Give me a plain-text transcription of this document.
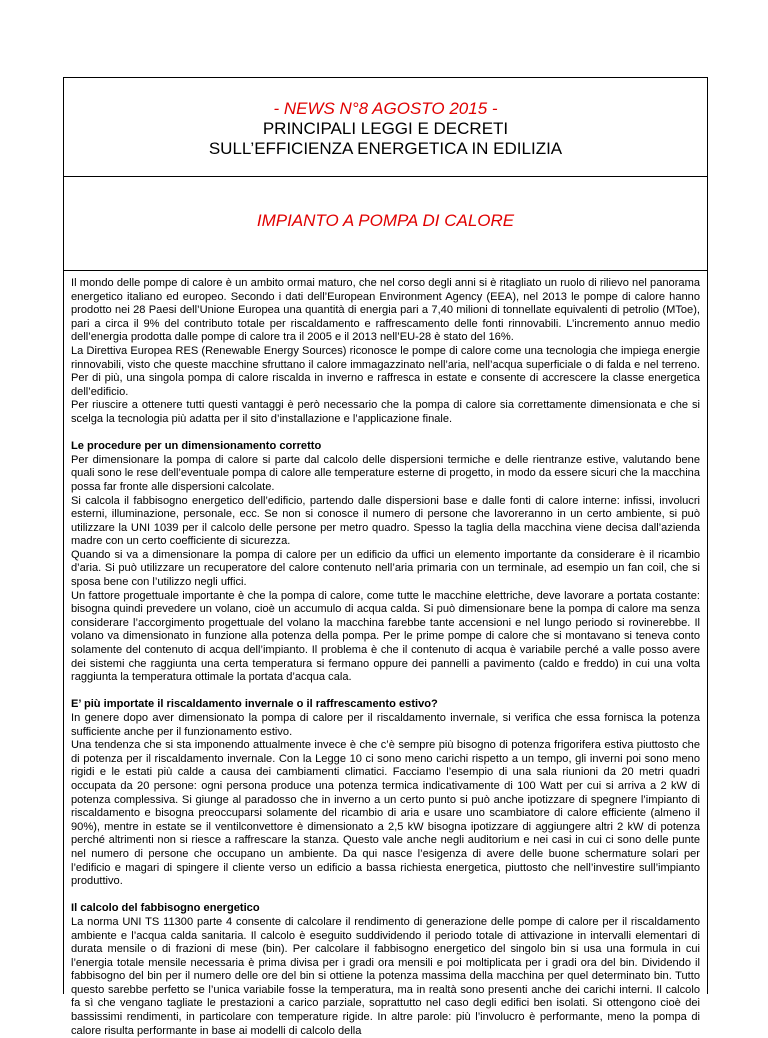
- NEWS N°8 AGOSTO 2015 -
PRINCIPALI LEGGI E DECRETI
SULL’EFFICIENZA ENERGETICA IN EDILIZIA
IMPIANTO A POMPA DI CALORE

Il mondo delle pompe di calore è un ambito ormai maturo, che nel corso degli anni si è ritagliato un ruolo di rilievo nel panorama energetico italiano ed europeo. Secondo i dati dell’European Environment Agency (EEA), nel 2013 le pompe di calore hanno prodotto nei 28 Paesi dell’Unione Europea una quantità di energia pari a 7,40 milioni di tonnellate equivalenti di petrolio (MToe), pari a circa il 9% del contributo totale per riscaldamento e raffrescamento delle fonti rinnovabili. L’incremento annuo medio dell’energia prodotta dalle pompe di calore tra il 2005 e il 2013 nell’EU-28 è stato del 16%.

La Direttiva Europea RES (Renewable Energy Sources) riconosce le pompe di calore come una tecnologia che impiega energie rinnovabili, visto che queste macchine sfruttano il calore immagazzinato nell’aria, nell’acqua superficiale o di falda e nel terreno. Per di più, una singola pompa di calore riscalda in inverno e raffresca in estate e consente di accrescere la classe energetica dell’edificio.

Per riuscire a ottenere tutti questi vantaggi è però necessario che la pompa di calore sia correttamente dimensionata e che si scelga la tecnologia più adatta per il sito d’installazione e l’applicazione finale.

Le procedure per un dimensionamento corretto

Per dimensionare la pompa di calore si parte dal calcolo delle dispersioni termiche e delle rientranze estive, valutando bene quali sono le rese dell’eventuale pompa di calore alle temperature esterne di progetto, in modo da essere sicuri che la macchina possa far fronte alle dispersioni calcolate.

Si calcola il fabbisogno energetico dell’edificio, partendo dalle dispersioni base e dalle fonti di calore interne: infissi, involucri esterni, illuminazione, personale, ecc. Se non si conosce il numero di persone che lavoreranno in un certo ambiente, si può utilizzare la UNI 1039 per il calcolo delle persone per metro quadro. Spesso la taglia della macchina viene decisa dall’azienda madre con un certo coefficiente di sicurezza.

Quando si va a dimensionare la pompa di calore per un edificio da uffici un elemento importante da considerare è il ricambio d’aria. Si può utilizzare un recuperatore del calore contenuto nell’aria primaria con un terminale, ad esempio un fan coil, che si sposa bene con l’utilizzo negli uffici.

Un fattore progettuale importante è che la pompa di calore, come tutte le macchine elettriche, deve lavorare a portata costante: bisogna quindi prevedere un volano, cioè un accumulo di acqua calda. Si può dimensionare bene la pompa di calore ma senza considerare l’accorgimento progettuale del volano la macchina farebbe tante accensioni e nel lungo periodo si rovinerebbe. Il volano va dimensionato in funzione alla potenza della pompa. Per le prime pompe di calore che si montavano si teneva conto solamente del contenuto di acqua dell’impianto. Il problema è che il contenuto di acqua è variabile perché a valle posso avere dei sistemi che raggiunta una certa temperatura si fermano oppure dei pannelli a pavimento (caldo e freddo) in cui una volta raggiunta la temperatura ottimale la portata d’acqua cala.

E’ più importate il riscaldamento invernale o il raffrescamento estivo?

In genere dopo aver dimensionato la pompa di calore per il riscaldamento invernale, si verifica che essa fornisca la potenza sufficiente anche per il funzionamento estivo.

Una tendenza che si sta imponendo attualmente invece è che c’è sempre più bisogno di potenza frigorifera estiva piuttosto che di potenza per il riscaldamento invernale. Con la Legge 10 ci sono meno carichi rispetto a un tempo, gli inverni poi sono meno rigidi e le estati più calde a causa dei cambiamenti climatici. Facciamo l’esempio di una sala riunioni da 20 metri quadri occupata da 20 persone: ogni persona produce una potenza termica indicativamente di 100 Watt per cui si arriva a 2 kW di potenza complessiva. Si giunge al paradosso che in inverno a un certo punto si può anche ipotizzare di spegnere l’impianto di riscaldamento e bisogna preoccuparsi solamente del ricambio di aria e usare uno scambiatore di calore efficiente (almeno il 90%), mentre in estate se il ventilconvettore è dimensionato a 2,5 kW bisogna ipotizzare di aggiungere altri 2 kW di potenza perché altrimenti non si riesce a raffrescare la stanza. Questo vale anche negli auditorium e nei casi in cui ci sono delle punte nel numero di persone che occupano un ambiente. Da qui nasce l’esigenza di avere delle buone schermature solari per l’edificio e magari di spingere il cliente verso un edificio a bassa richiesta energetica, piuttosto che nell’investire sull’impianto produttivo.

Il calcolo del fabbisogno energetico

La norma UNI TS 11300 parte 4 consente di calcolare il rendimento di generazione delle pompe di calore per il riscaldamento ambiente e l’acqua calda sanitaria. Il calcolo è eseguito suddividendo il periodo totale di attivazione in intervalli elementari di durata mensile o di frazioni di mese (bin). Per calcolare il fabbisogno energetico del singolo bin si usa una formula in cui l’energia totale mensile necessaria è prima divisa per i gradi ora mensili e poi moltiplicata per i gradi ora del bin. Dividendo il fabbisogno del bin per il numero delle ore del bin si ottiene la potenza massima della macchina per quel determinato bin. Tutto questo sarebbe perfetto se l’unica variabile fosse la temperatura, ma in realtà sono presenti anche dei carichi interni. Il calcolo fa sì che vengano tagliate le prestazioni a carico parziale, soprattutto nel caso degli edifici ben isolati. Si ottengono cioè dei bassissimi rendimenti, in particolare con temperature rigide. In altre parole: più l’involucro è performante, meno la pompa di calore risulta performante in base ai modelli di calcolo della
